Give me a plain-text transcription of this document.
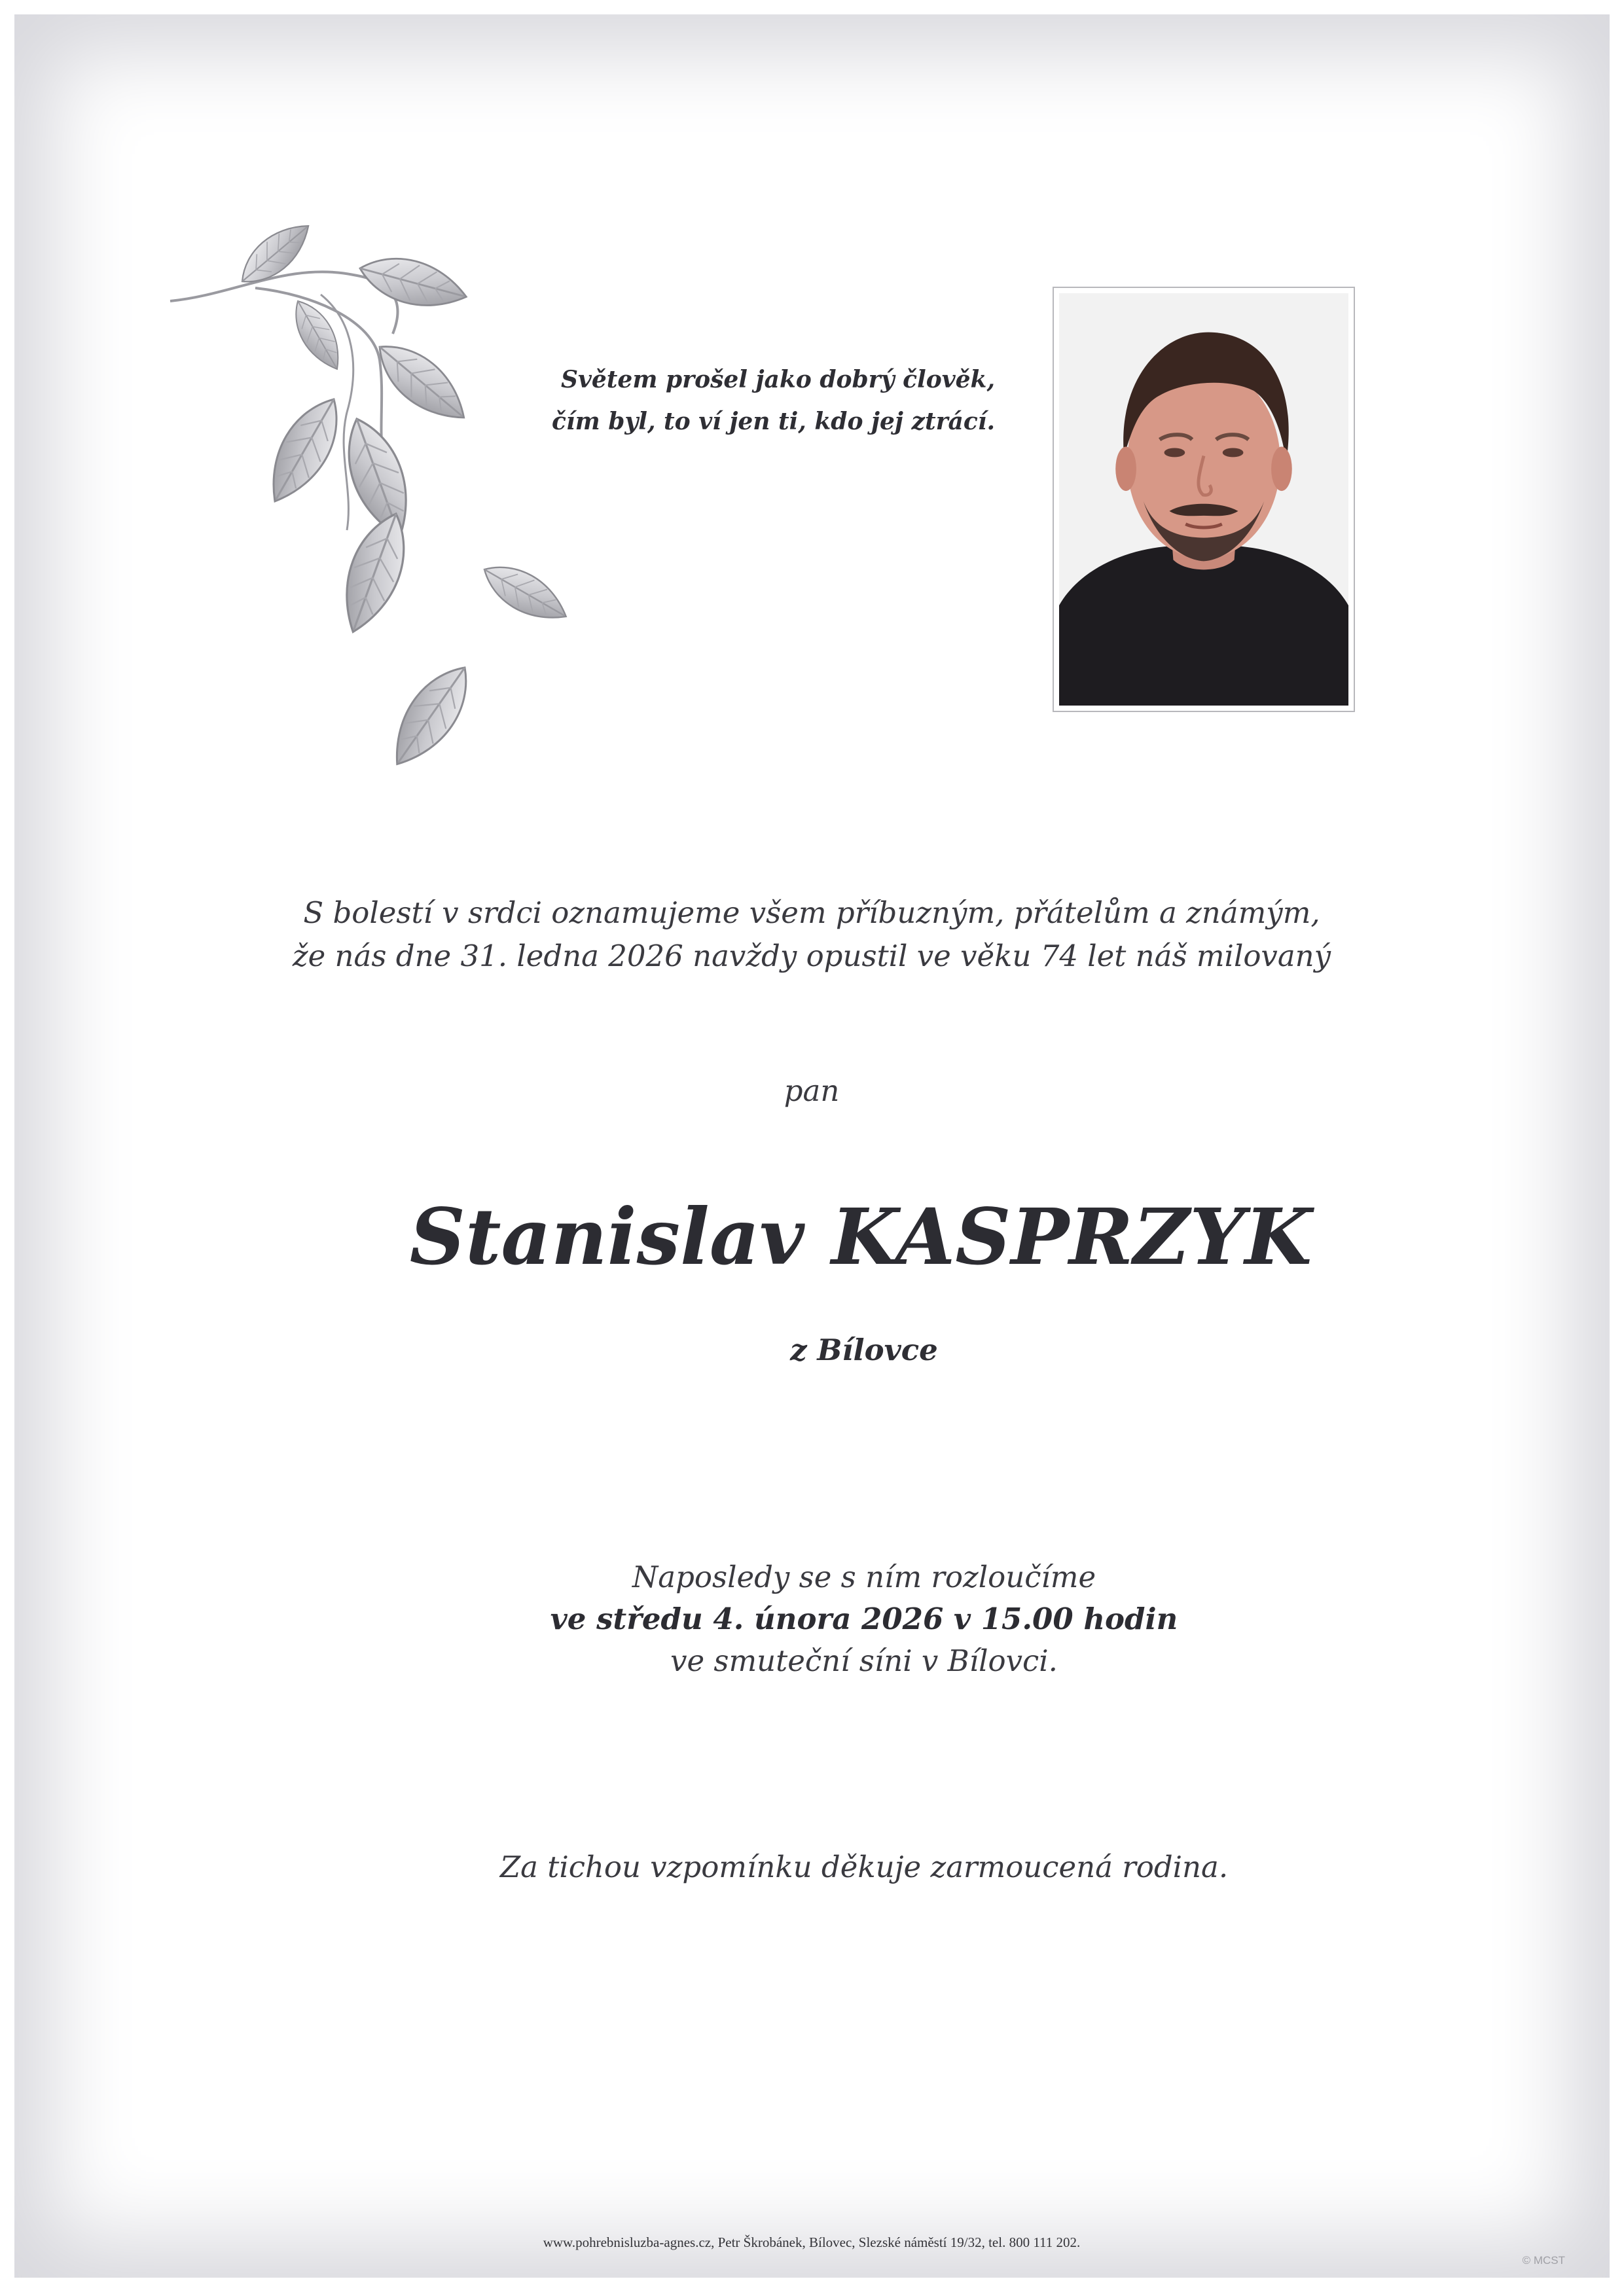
Světem prošel jako dobrý člověk,
čím byl, to ví jen ti, kdo jej ztrácí.
S bolestí v srdci oznamujeme všem příbuzným, přátelům a známým,
že nás dne 31. ledna 2026 navždy opustil ve věku 74 let náš milovaný
pan
Stanislav KASPRZYK
z Bílovce
Naposledy se s ním rozloučíme
ve středu 4. února 2026 v 15.00 hodin
ve smuteční síni v Bílovci.
Za tichou vzpomínku děkuje zarmoucená rodina.
www.pohrebnisluzba-agnes.cz, Petr Škrobánek, Bílovec, Slezské náměstí 19/32, tel. 800 111 202.
© MCST
